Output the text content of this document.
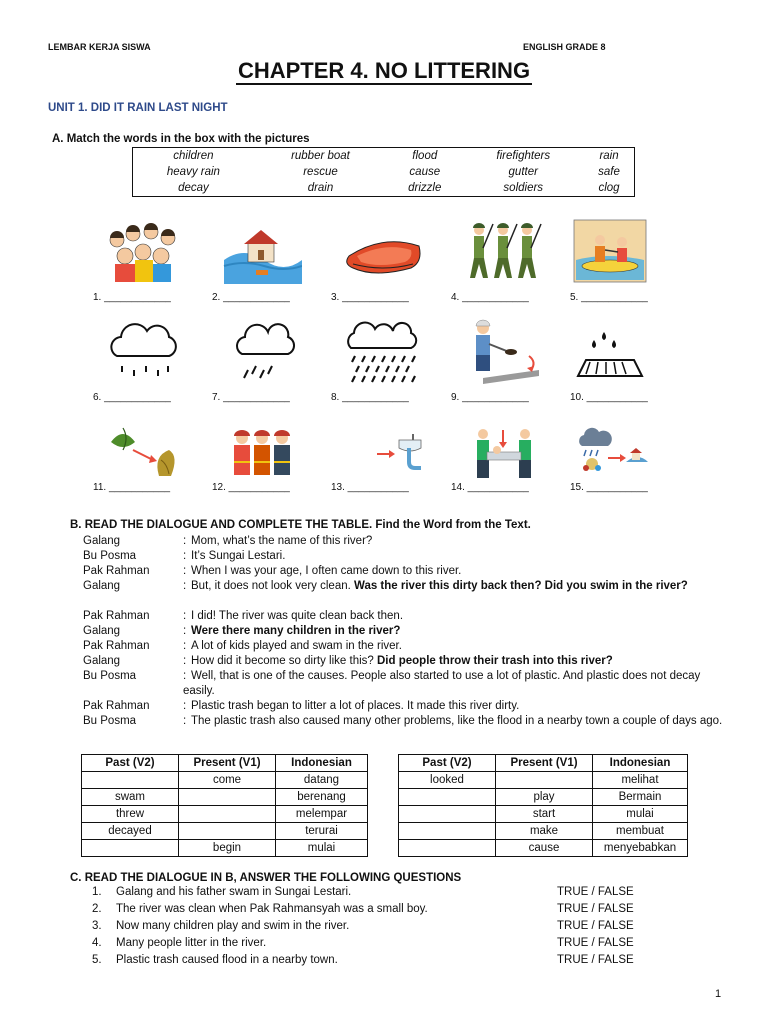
LEMBAR KERJA SISWA	ENGLISH GRADE 8
CHAPTER 4. NO LITTERING
UNIT 1. DID IT RAIN LAST NIGHT
A. Match the words in the box with the pictures
children	rubber boat	flood	firefighters	rain
heavy rain	rescue	cause	gutter	safe
decay	drain	drizzle	soldiers	clog
1. ____________	2. ____________	3. ____________	4. ____________	5. ____________
6. ____________	7. ____________	8. ____________	9. ____________	10. ___________
11. ___________	12. ___________	13. ___________	14. ___________	15. ___________
B. READ THE DIALOGUE AND COMPLETE THE TABLE. Find the Word from the Text.
Galang	: Mom, what’s the name of this river?
Bu Posma	: It’s Sungai Lestari.
Pak Rahman	: When I was your age, I often came down to this river.
Galang	: But, it does not look very clean. Was the river this dirty back then? Did you swim in the river?
Pak Rahman	: I did! The river was quite clean back then.
Galang	: Were there many children in the river?
Pak Rahman	: A lot of kids played and swam in the river.
Galang	: How did it become so dirty like this? Did people throw their trash into this river?
Bu Posma	: Well, that is one of the causes. People also started to use a lot of plastic. And plastic does not decay easily.
Pak Rahman	: Plastic trash began to litter a lot of places. It made this river dirty.
Bu Posma	: The plastic trash also caused many other problems, like the flood in a nearby town a couple of days ago.
Past (V2)	Present (V1)	Indonesian
	come	datang
swam		berenang
threw		melempar
decayed		terurai
	begin	mulai
Past (V2)	Present (V1)	Indonesian
looked		melihat
	play	Bermain
	start	mulai
	make	membuat
	cause	menyebabkan
C. READ THE DIALOGUE IN B, ANSWER THE FOLLOWING QUESTIONS
1. Galang and his father swam in Sungai Lestari.	TRUE / FALSE
2. The river was clean when Pak Rahmansyah was a small boy.	TRUE / FALSE
3. Now many children play and swim in the river.	TRUE / FALSE
4. Many people litter in the river.	TRUE / FALSE
5. Plastic trash caused flood in a nearby town.	TRUE / FALSE
1
